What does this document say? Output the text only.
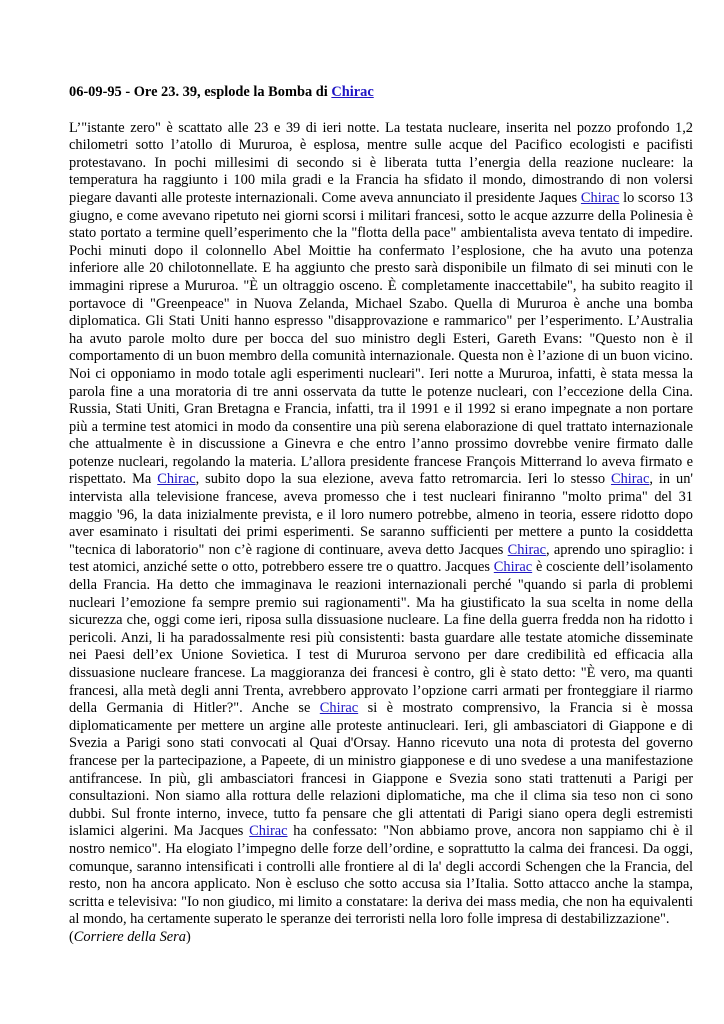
06-09-95 - Ore 23. 39, esplode la Bomba di Chirac

L’"istante zero" è scattato alle 23 e 39 di ieri notte. La testata nucleare, inserita nel pozzo profondo 1,2 chilometri sotto l’atollo di Mururoa, è esplosa, mentre sulle acque del Pacifico ecologisti e pacifisti protestavano. In pochi millesimi di secondo si è liberata tutta l’energia della reazione nucleare: la temperatura ha raggiunto i 100 mila gradi e la Francia ha sfidato il mondo, dimostrando di non volersi piegare davanti alle proteste internazionali. Come aveva annunciato il presidente Jaques Chirac lo scorso 13 giugno, e come avevano ripetuto nei giorni scorsi i militari francesi, sotto le acque azzurre della Polinesia è stato portato a termine quell’esperimento che la "flotta della pace" ambientalista aveva tentato di impedire. Pochi minuti dopo il colonnello Abel Moittie ha confermato l’esplosione, che ha avuto una potenza inferiore alle 20 chilotonnellate. E ha aggiunto che presto sarà disponibile un filmato di sei minuti con le immagini riprese a Mururoa. "È un oltraggio osceno. È completamente inaccettabile", ha subito reagito il portavoce di "Greenpeace" in Nuova Zelanda, Michael Szabo. Quella di Mururoa è anche una bomba diplomatica. Gli Stati Uniti hanno espresso "disapprovazione e rammarico" per l’esperimento. L’Australia ha avuto parole molto dure per bocca del suo ministro degli Esteri, Gareth Evans: "Questo non è il comportamento di un buon membro della comunità internazionale. Questa non è l’azione di un buon vicino. Noi ci opponiamo in modo totale agli esperimenti nucleari". Ieri notte a Mururoa, infatti, è stata messa la parola fine a una moratoria di tre anni osservata da tutte le potenze nucleari, con l’eccezione della Cina. Russia, Stati Uniti, Gran Bretagna e Francia, infatti, tra il 1991 e il 1992 si erano impegnate a non portare più a termine test atomici in modo da consentire una più serena elaborazione di quel trattato internazionale che attualmente è in discussione a Ginevra e che entro l’anno prossimo dovrebbe venire firmato dalle potenze nucleari, regolando la materia. L’allora presidente francese François Mitterrand lo aveva firmato e rispettato. Ma Chirac, subito dopo la sua elezione, aveva fatto retromarcia. Ieri lo stesso Chirac, in un' intervista alla televisione francese, aveva promesso che i test nucleari finiranno "molto prima" del 31 maggio '96, la data inizialmente prevista, e il loro numero potrebbe, almeno in teoria, essere ridotto dopo aver esaminato i risultati dei primi esperimenti. Se saranno sufficienti per mettere a punto la cosiddetta "tecnica di laboratorio" non c’è ragione di continuare, aveva detto Jacques Chirac, aprendo uno spiraglio: i test atomici, anziché sette o otto, potrebbero essere tre o quattro. Jacques Chirac è cosciente dell’isolamento della Francia. Ha detto che immaginava le reazioni internazionali perché "quando si parla di problemi nucleari l’emozione fa sempre premio sui ragionamenti". Ma ha giustificato la sua scelta in nome della sicurezza che, oggi come ieri, riposa sulla dissuasione nucleare. La fine della guerra fredda non ha ridotto i pericoli. Anzi, li ha paradossalmente resi più consistenti: basta guardare alle testate atomiche disseminate nei Paesi dell’ex Unione Sovietica. I test di Mururoa servono per dare credibilità ed efficacia alla dissuasione nucleare francese. La maggioranza dei francesi è contro, gli è stato detto: "È vero, ma quanti francesi, alla metà degli anni Trenta, avrebbero approvato l’opzione carri armati per fronteggiare il riarmo della Germania di Hitler?". Anche se Chirac si è mostrato comprensivo, la Francia si è mossa diplomaticamente per mettere un argine alle proteste antinucleari. Ieri, gli ambasciatori di Giappone e di Svezia a Parigi sono stati convocati al Quai d'Orsay. Hanno ricevuto una nota di protesta del governo francese per la partecipazione, a Papeete, di un ministro giapponese e di uno svedese a una manifestazione antifrancese. In più, gli ambasciatori francesi in Giappone e Svezia sono stati trattenuti a Parigi per consultazioni. Non siamo alla rottura delle relazioni diplomatiche, ma che il clima sia teso non ci sono dubbi. Sul fronte interno, invece, tutto fa pensare che gli attentati di Parigi siano opera degli estremisti islamici algerini. Ma Jacques Chirac ha confessato: "Non abbiamo prove, ancora non sappiamo chi è il nostro nemico". Ha elogiato l’impegno delle forze dell’ordine, e soprattutto la calma dei francesi. Da oggi, comunque, saranno intensificati i controlli alle frontiere al di la' degli accordi Schengen che la Francia, del resto, non ha ancora applicato. Non è escluso che sotto accusa sia l’Italia. Sotto attacco anche la stampa, scritta e televisiva: "Io non giudico, mi limito a constatare: la deriva dei mass media, che non ha equivalenti al mondo, ha certamente superato le speranze dei terroristi nella loro folle impresa di destabilizzazione".

(Corriere della Sera)
